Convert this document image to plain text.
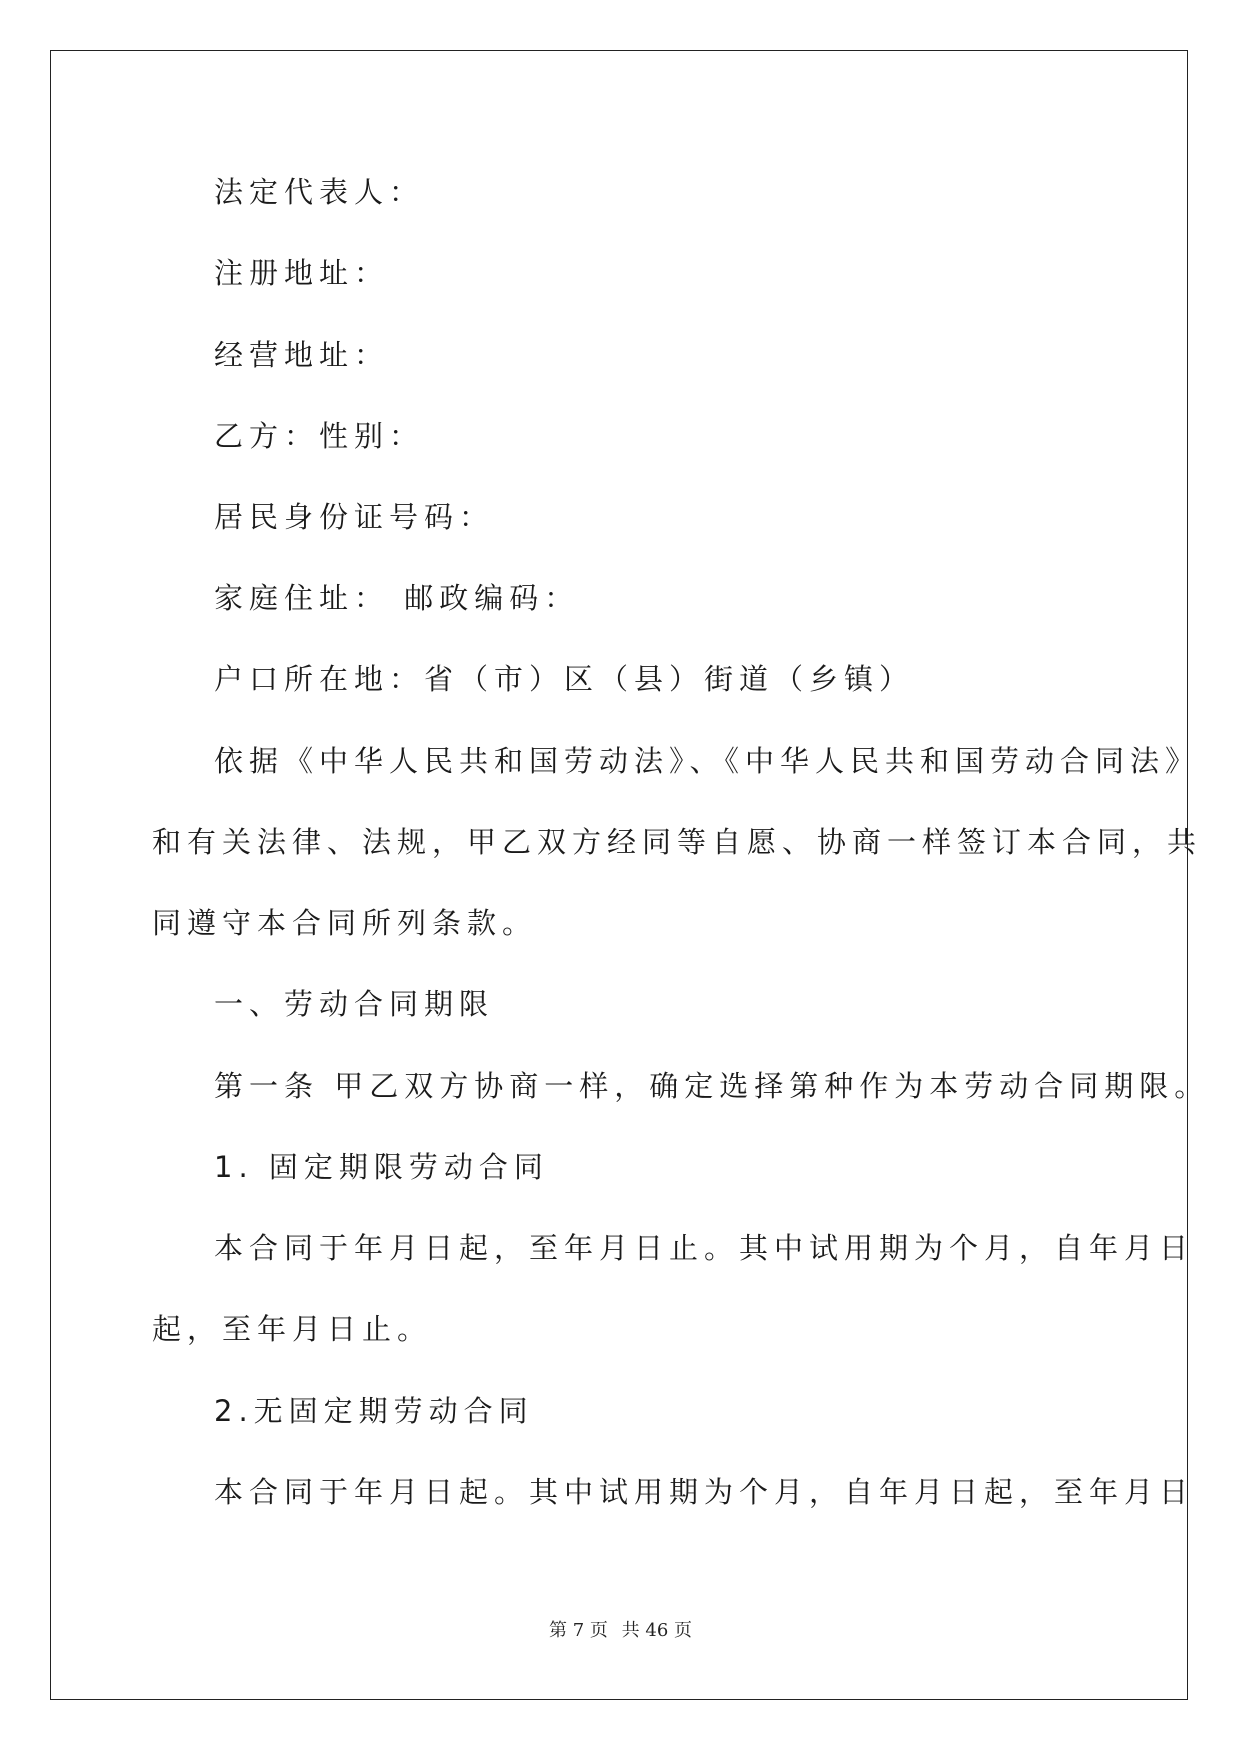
法定代表人：
注册地址：
经营地址：
乙方：性别：
居民身份证号码：
家庭住址： 邮政编码：
户口所在地：省（市）区（县）街道（乡镇）
依据《中华人民共和国劳动法》、《中华人民共和国劳动合同法》
和有关法律、法规，甲乙双方经同等自愿、协商一样签订本合同，共
同遵守本合同所列条款。
一、劳动合同期限
第一条 甲乙双方协商一样，确定选择第种作为本劳动合同期限。
1. 固定期限劳动合同
本合同于年月日起，至年月日止。其中试用期为个月，自年月日
起，至年月日止。
2.无固定期劳动合同
本合同于年月日起。其中试用期为个月，自年月日起，至年月日
第 7 页 共 46 页
